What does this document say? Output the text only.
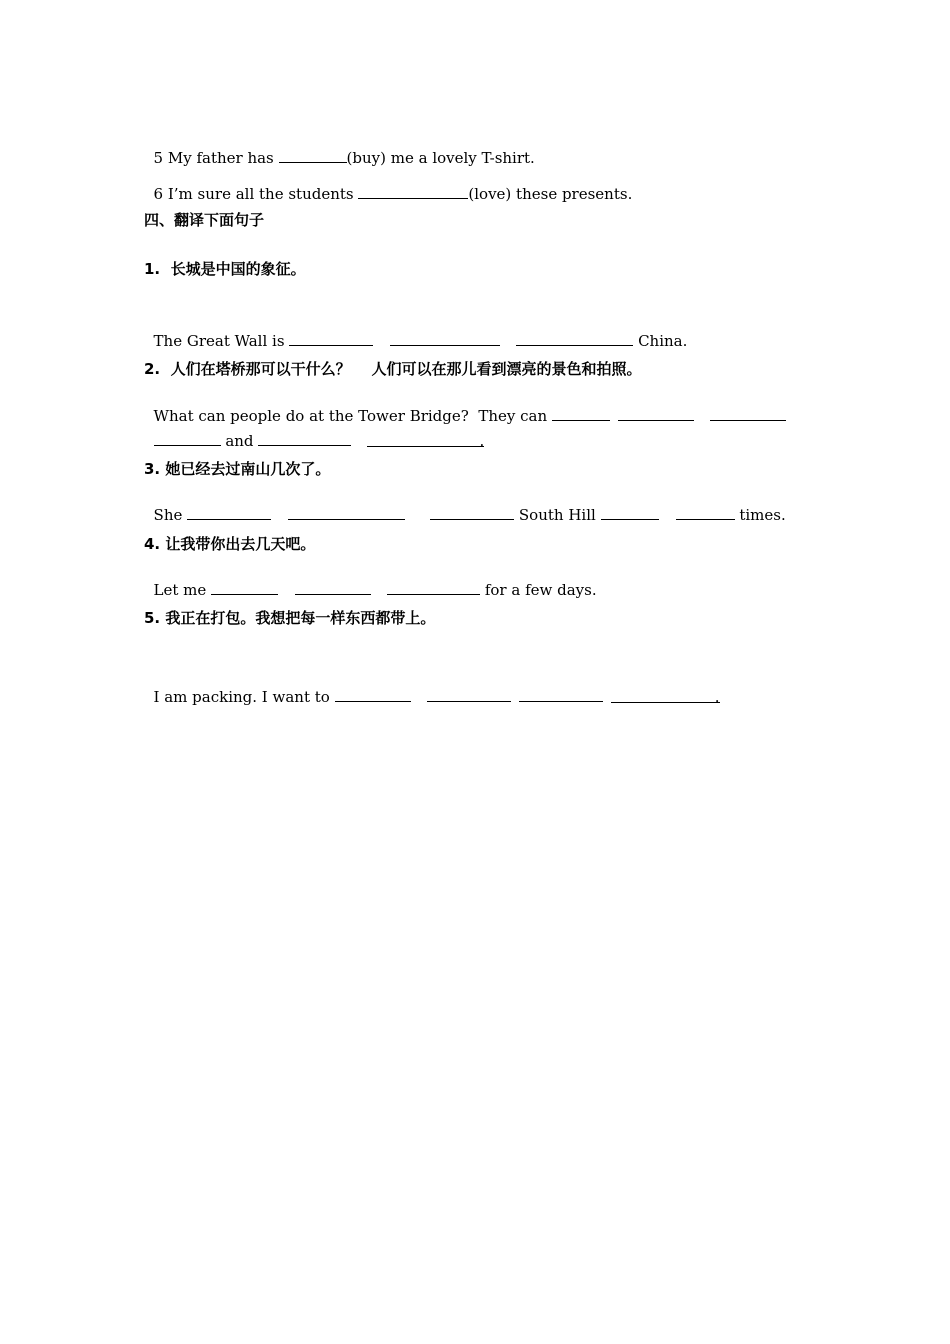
5 My father has	(buy) me a lovely T-shirt.

6 I’m sure all the students	(love) these presents.

四、翻译下面句子
1.  长城是中国的象征。

The Great Wall is	China.

2.  人们在塔桥那可以干什么？    人们可以在那儿看到漂亮的景色和拍照。

What can people do at the Tower Bridge?  They can

and	.

3. 她已经去过南山几次了。

She	South Hill	times.

4. 让我带你出去几天吧。

Let me	for a few days.

5. 我正在打包。我想把每一样东西都带上。

I am packing. I want to	.
